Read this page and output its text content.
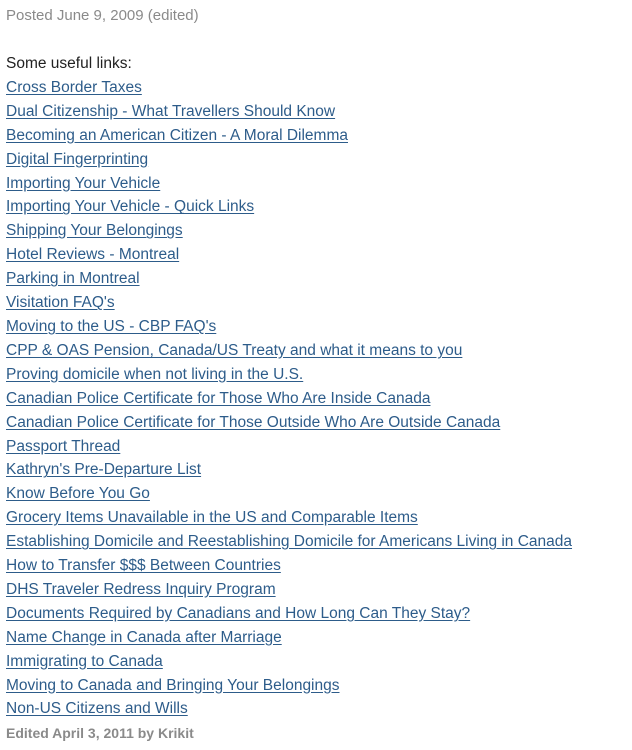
Posted June 9, 2009 (edited)
Some useful links:
Cross Border Taxes
Dual Citizenship - What Travellers Should Know
Becoming an American Citizen - A Moral Dilemma
Digital Fingerprinting
Importing Your Vehicle
Importing Your Vehicle - Quick Links
Shipping Your Belongings
Hotel Reviews - Montreal
Parking in Montreal
Visitation FAQ's
Moving to the US - CBP FAQ's
CPP & OAS Pension, Canada/US Treaty and what it means to you
Proving domicile when not living in the U.S.
Canadian Police Certificate for Those Who Are Inside Canada
Canadian Police Certificate for Those Outside Who Are Outside Canada
Passport Thread
Kathryn's Pre-Departure List
Know Before You Go
Grocery Items Unavailable in the US and Comparable Items
Establishing Domicile and Reestablishing Domicile for Americans Living in Canada
How to Transfer $$$ Between Countries
DHS Traveler Redress Inquiry Program
Documents Required by Canadians and How Long Can They Stay?
Name Change in Canada after Marriage
Immigrating to Canada
Moving to Canada and Bringing Your Belongings
Non-US Citizens and Wills
Edited April 3, 2011 by Krikit
